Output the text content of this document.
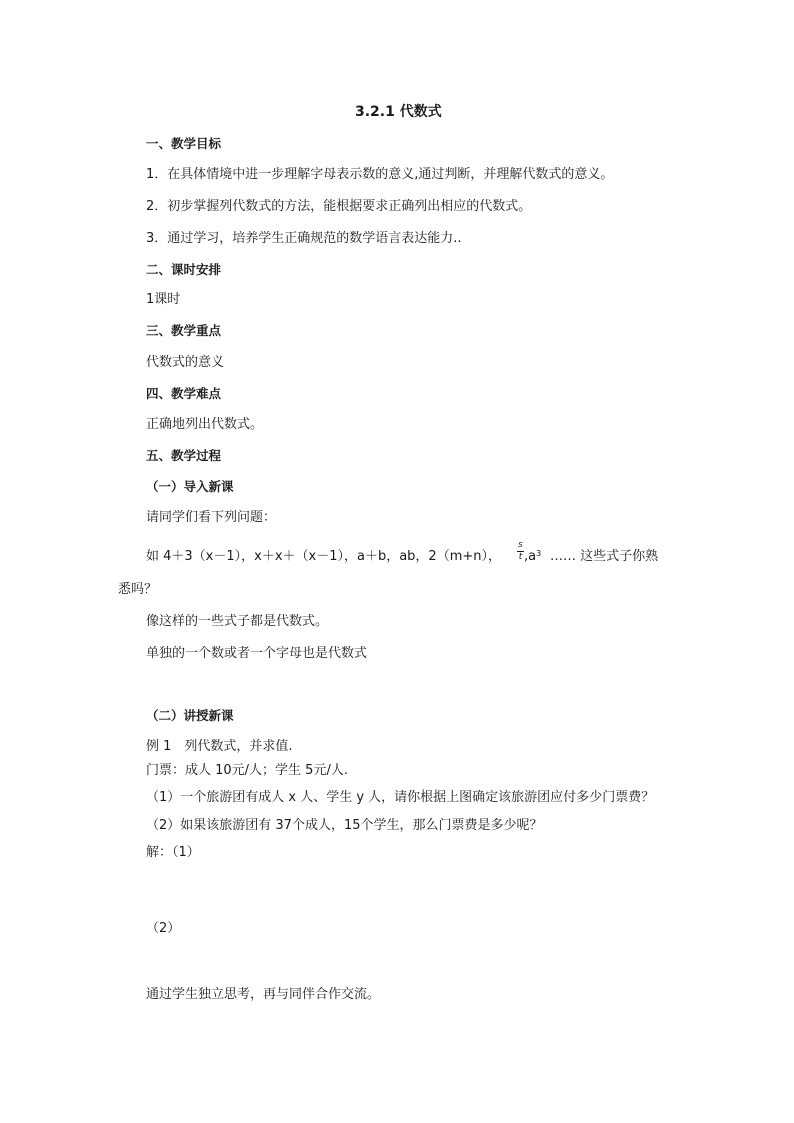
3.2.1 代数式
一、教学目标
1．在具体情境中进一步理解字母表示数的意义,通过判断，并理解代数式的意义。
2．初步掌握列代数式的方法，能根据要求正确列出相应的代数式。
3．通过学习，培养学生正确规范的数学语言表达能力..
二、课时安排
1课时
三、教学重点
代数式的意义
四、教学难点
正确地列出代数式。
五、教学过程
（一）导入新课
请同学们看下列问题：
如 4＋3（x－1），x＋x＋（x－1），a＋b，ab，2（m+n），
s
t $,a^3$ …… 这些式子你熟
悉吗？
像这样的一些式子都是代数式。
单独的一个数或者一个字母也是代数式
（二）讲授新课
例 1　列代数式，并求值.
门票：成人 10元/人；学生 5元/人.
（1）一个旅游团有成人 x 人、学生 y 人，请你根据上图确定该旅游团应付多少门票费？
（2）如果该旅游团有 37个成人，15个学生，那么门票费是多少呢？
解：（1）
（2）
通过学生独立思考，再与同伴合作交流。
